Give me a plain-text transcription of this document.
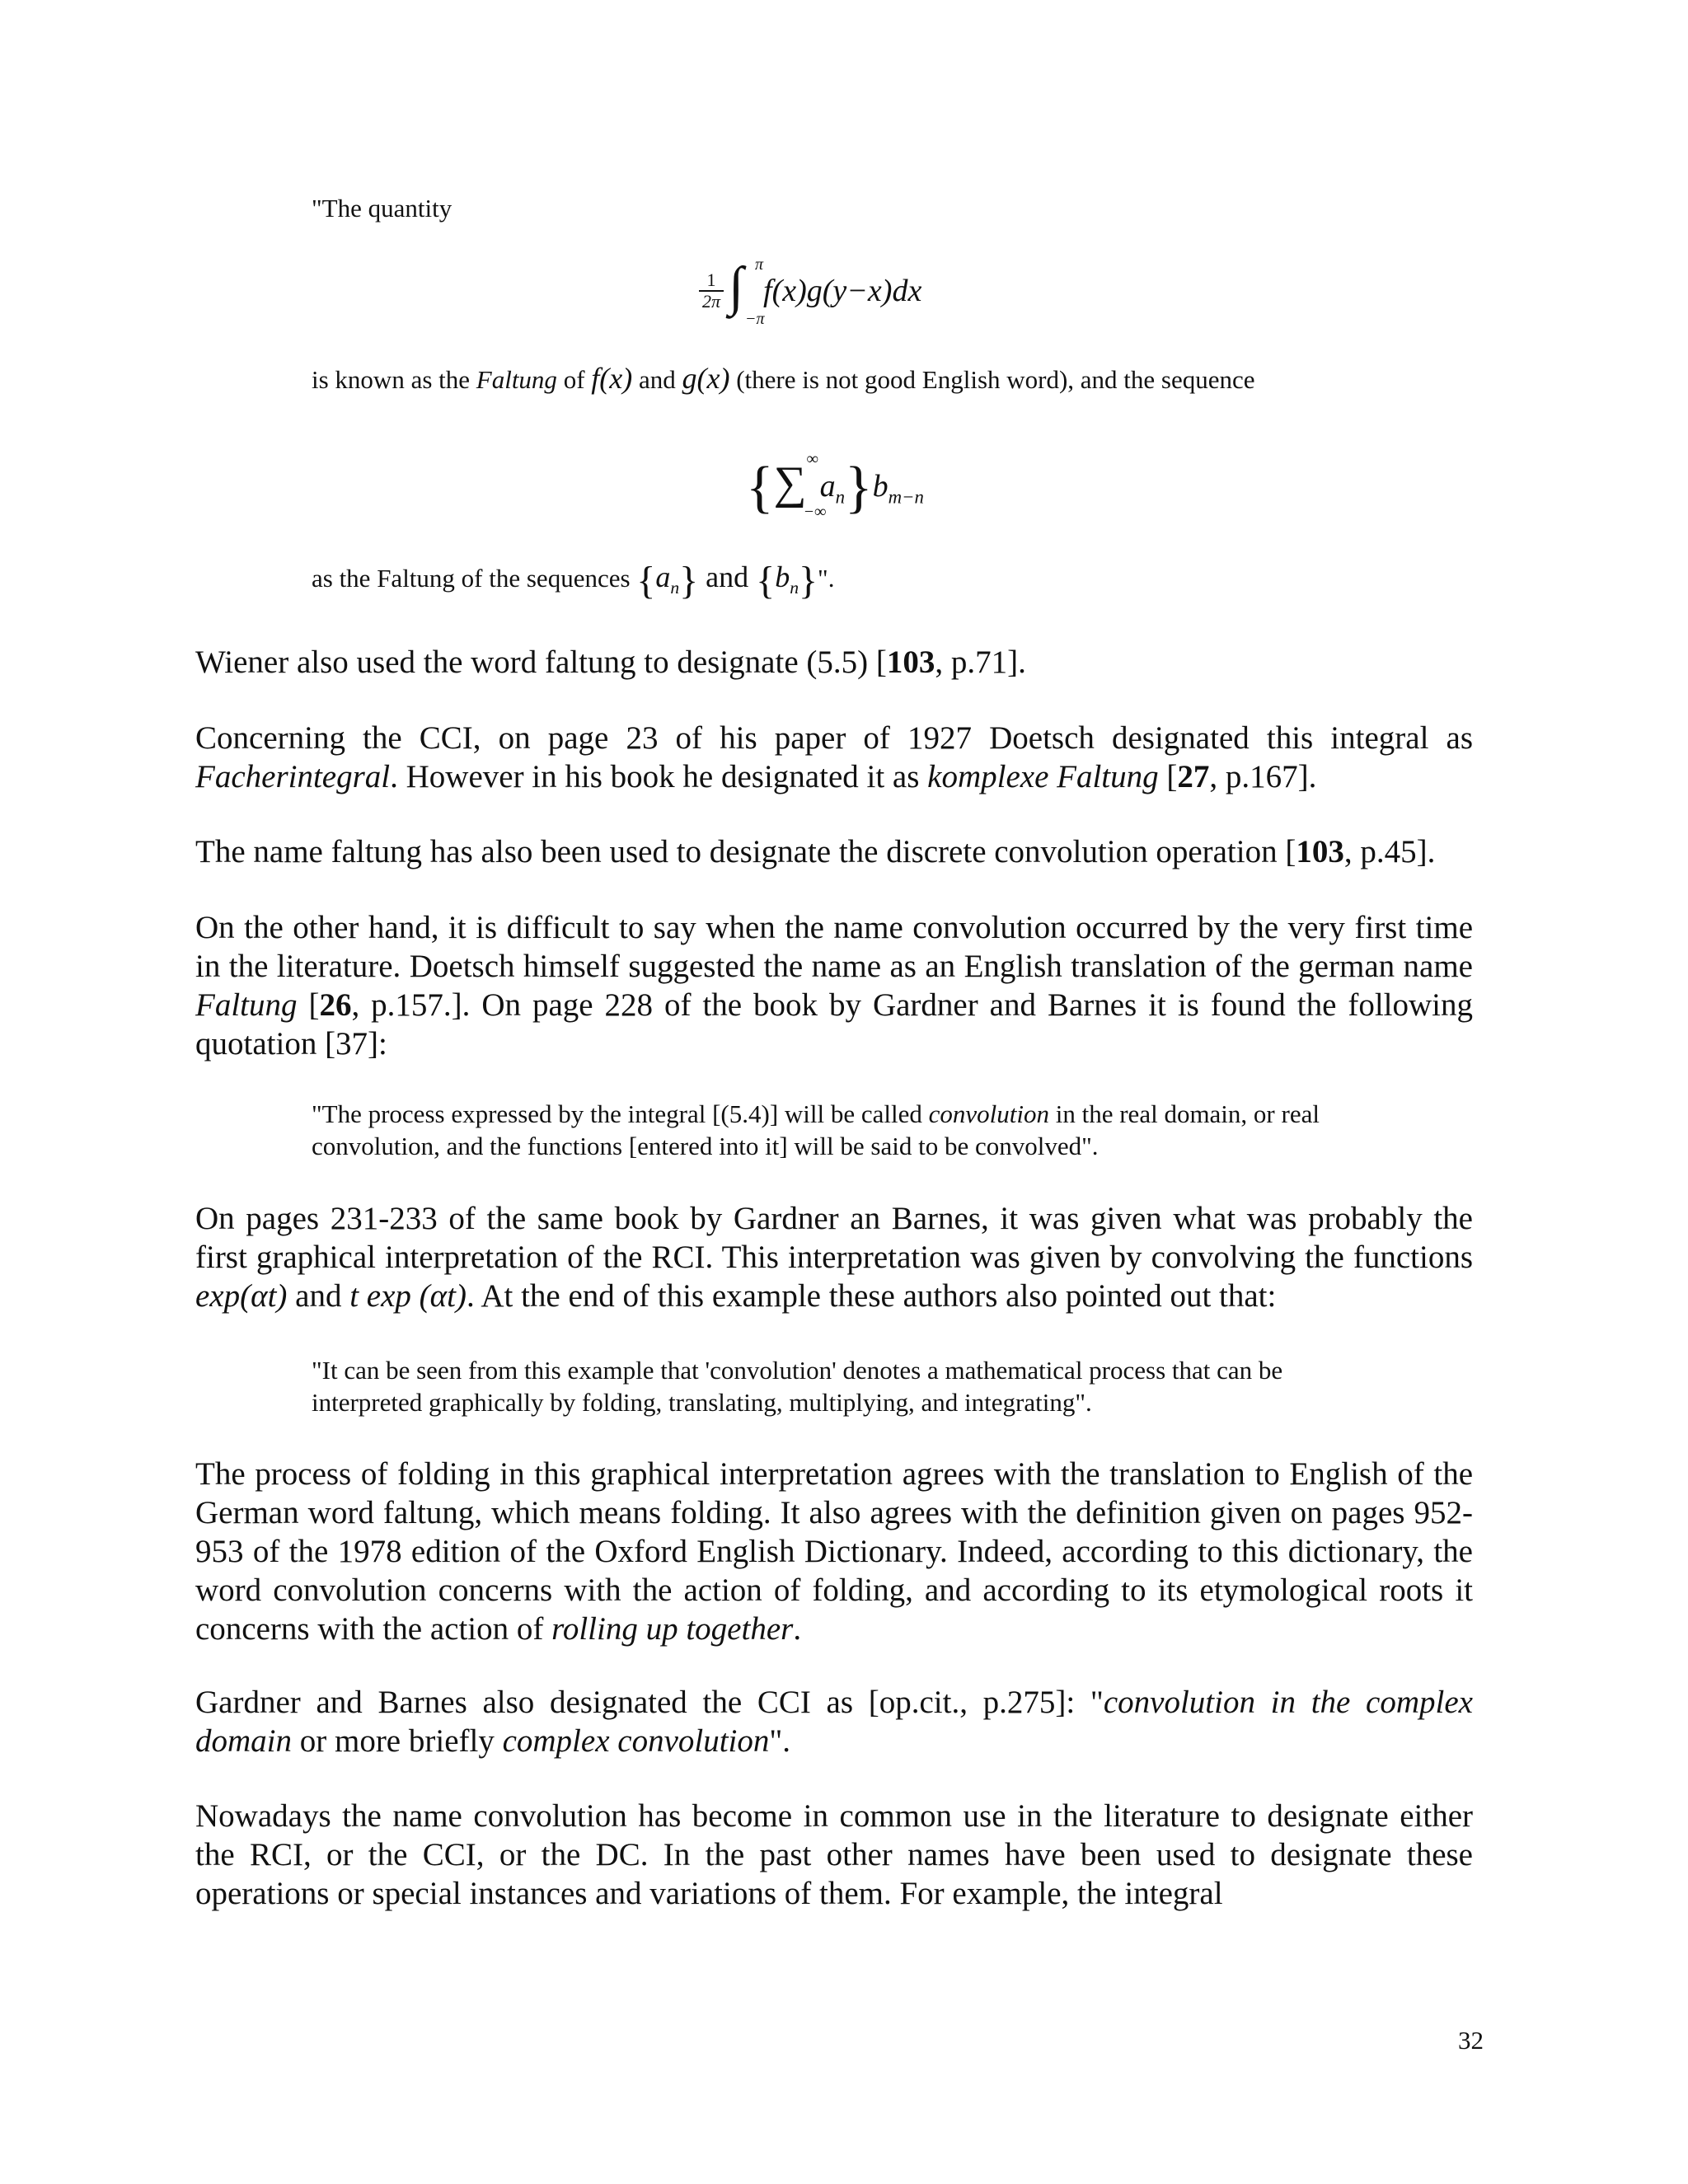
"The quantity
$\frac{1}{2\pi}$
∫ π
−π
f(x)g(y−x)dx
is known as the Faltung of f(x) and g(x) (there is not good English word), and the sequence
{ ∑ ∞
−∞
$a_n\}b_{m-n}$
as the Faltung of the sequences $\{a_n\}$ and $\{b_n\}$".
Wiener also used the word faltung to designate (5.5) [103, p.71].
Concerning the CCI, on page 23 of his paper of 1927 Doetsch designated this integral as Facherintegral. However in his book he designated it as komplexe Faltung [27, p.167].
The name faltung has also been used to designate the discrete convolution operation [103, p.45].
On the other hand, it is difficult to say when the name convolution occurred by the very first time in the literature. Doetsch himself suggested the name as an English translation of the german name Faltung [26, p.157.]. On page 228 of the book by Gardner and Barnes it is found the following quotation [37]:
"The process expressed by the integral [(5.4)] will be called convolution in the real domain, or real convolution, and the functions [entered into it] will be said to be convolved".
On pages 231-233 of the same book by Gardner an Barnes, it was given what was probably the first graphical interpretation of the RCI. This interpretation was given by convolving the functions exp(αt) and t exp (αt). At the end of this example these authors also pointed out that:
"It can be seen from this example that 'convolution' denotes a mathematical process that can be interpreted graphically by folding, translating, multiplying, and integrating".
The process of folding in this graphical interpretation agrees with the translation to English of the German word faltung, which means folding. It also agrees with the definition given on pages 952-953 of the 1978 edition of the Oxford English Dictionary. Indeed, according to this dictionary, the word convolution concerns with the action of folding, and according to its etymological roots it concerns with the action of rolling up together.
Gardner and Barnes also designated the CCI as [op.cit., p.275]: "convolution in the complex domain or more briefly complex convolution".
Nowadays the name convolution has become in common use in the literature to designate either the RCI, or the CCI, or the DC. In the past other names have been used to designate these operations or special instances and variations of them. For example, the integral
32
